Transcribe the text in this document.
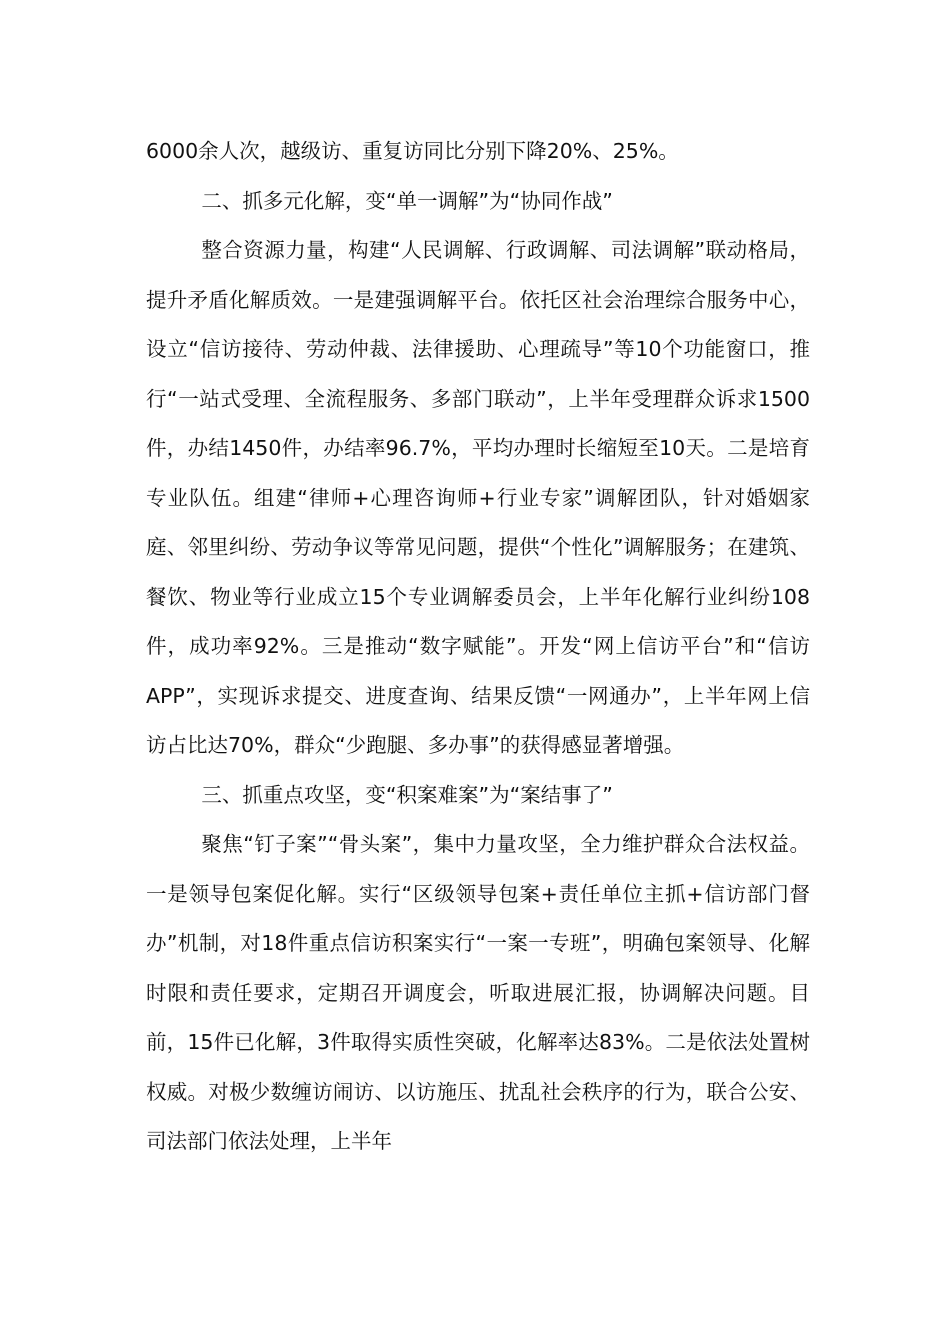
6000余人次，越级访、重复访同比分别下降20%、25%。

二、抓多元化解，变“单一调解”为“协同作战”

整合资源力量，构建“人民调解、行政调解、司法调解”联动格局，提升矛盾化解质效。一是建强调解平台。依托区社会治理综合服务中心，设立“信访接待、劳动仲裁、法律援助、心理疏导”等10个功能窗口，推行“一站式受理、全流程服务、多部门联动”，上半年受理群众诉求1500件，办结1450件，办结率96.7%，平均办理时长缩短至10天。二是培育专业队伍。组建“律师+心理咨询师+行业专家”调解团队，针对婚姻家庭、邻里纠纷、劳动争议等常见问题，提供“个性化”调解服务；在建筑、餐饮、物业等行业成立15个专业调解委员会，上半年化解行业纠纷108件，成功率92%。三是推动“数字赋能”。开发“网上信访平台”和“信访APP”，实现诉求提交、进度查询、结果反馈“一网通办”，上半年网上信访占比达70%，群众“少跑腿、多办事”的获得感显著增强。

三、抓重点攻坚，变“积案难案”为“案结事了”

聚焦“钉子案”“骨头案”，集中力量攻坚，全力维护群众合法权益。一是领导包案促化解。实行“区级领导包案+责任单位主抓+信访部门督办”机制，对18件重点信访积案实行“一案一专班”，明确包案领导、化解时限和责任要求，定期召开调度会，听取进展汇报，协调解决问题。目前，15件已化解，3件取得实质性突破，化解率达83%。二是依法处置树权威。对极少数缠访闹访、以访施压、扰乱社会秩序的行为，联合公安、司法部门依法处理，上半年
